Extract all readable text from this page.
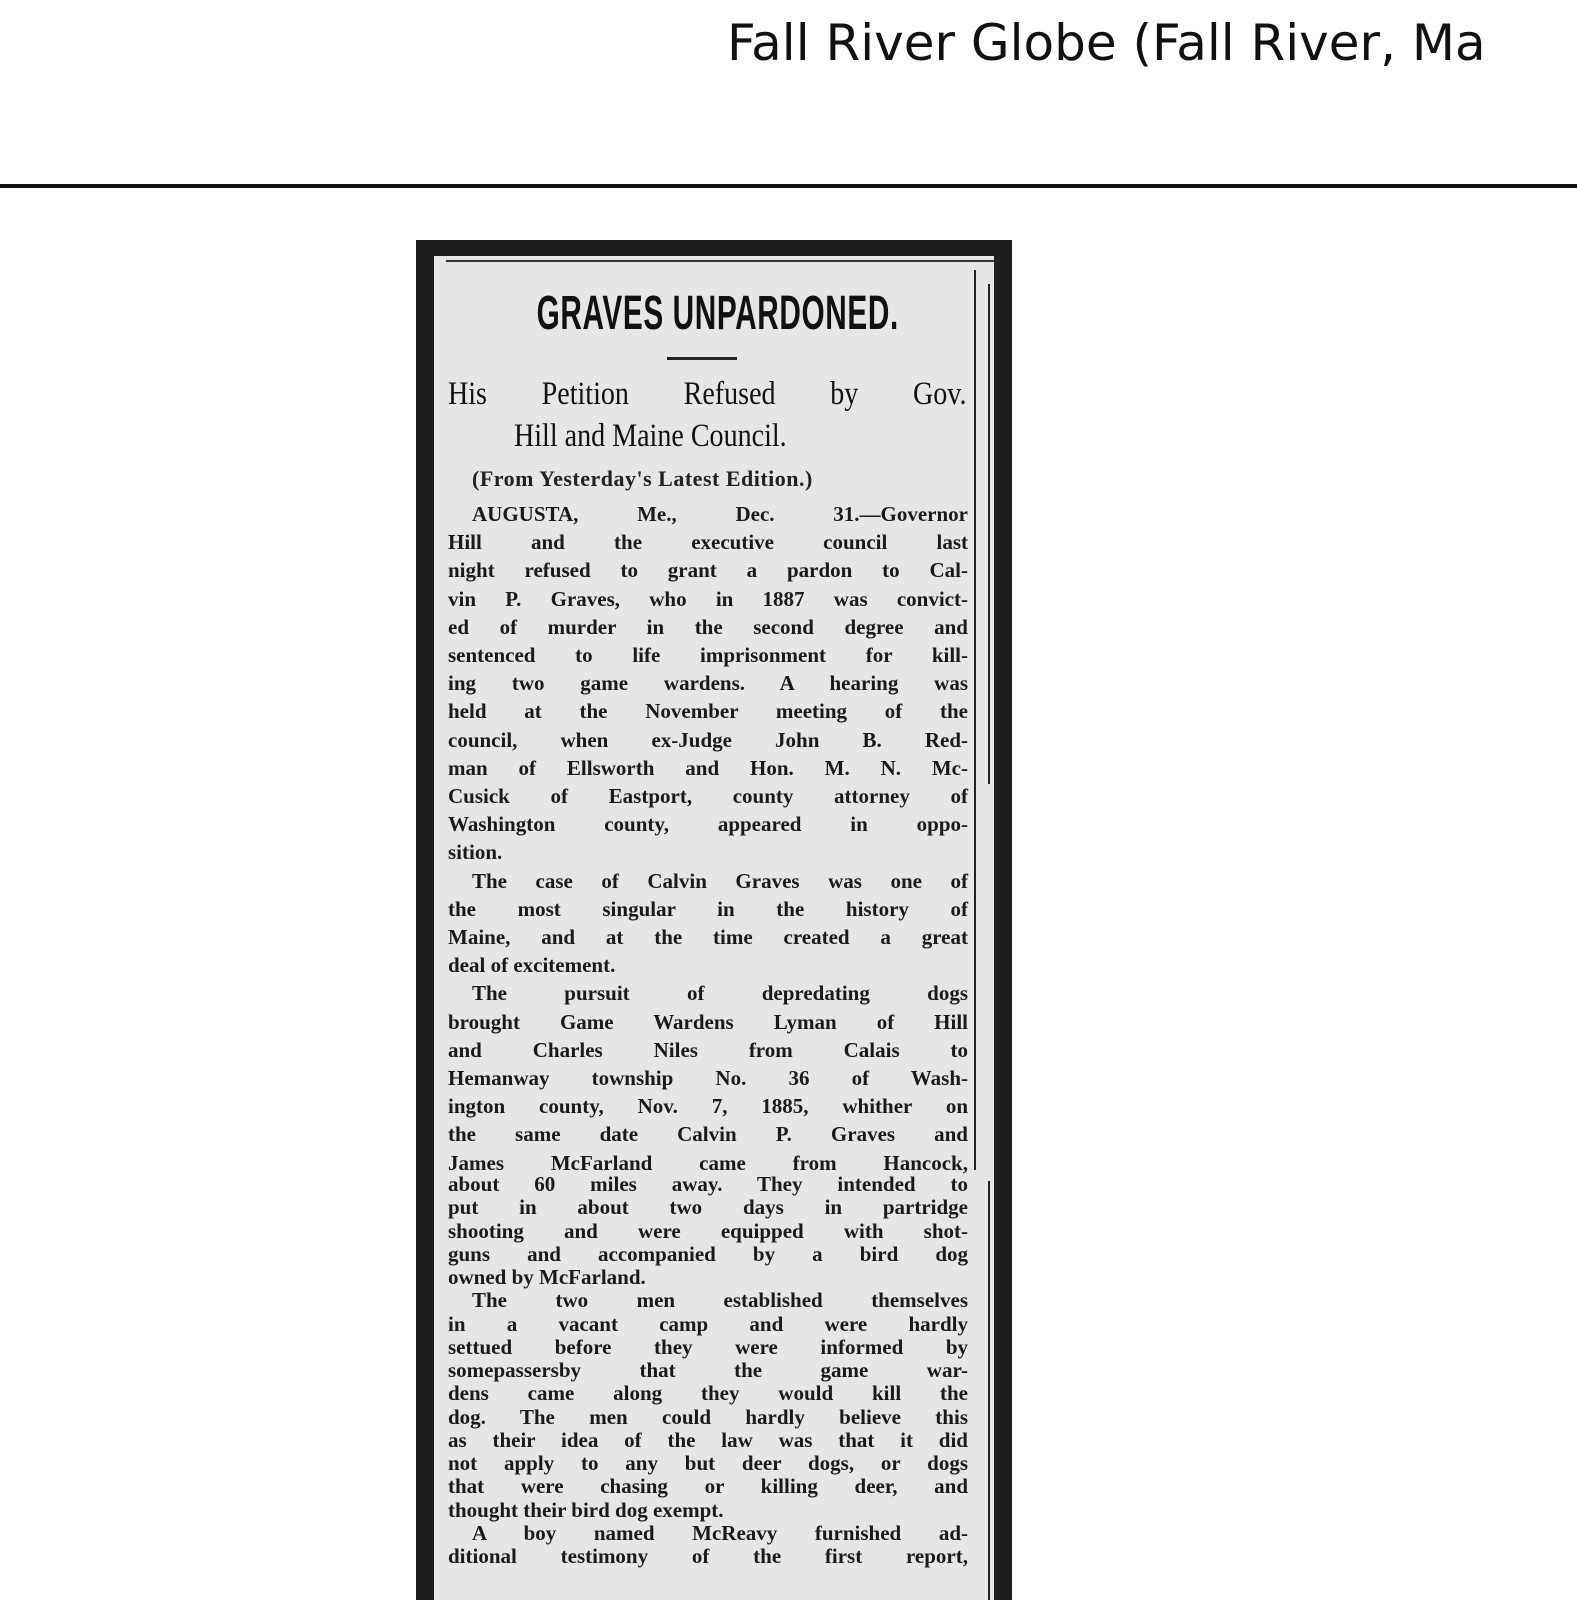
Fall River Globe (Fall River, Ma
GRAVES UNPARDONED.
His Petition Refused by Gov.
Hill and Maine Council.
(From Yesterday's Latest Edition.)
AUGUSTA, Me., Dec. 31.—Governor
Hill and the executive council last
night refused to grant a pardon to Cal-
vin P. Graves, who in 1887 was convict-
ed of murder in the second degree and
sentenced to life imprisonment for kill-
ing two game wardens. A hearing was
held at the November meeting of the
council, when ex-Judge John B. Red-
man of Ellsworth and Hon. M. N. Mc-
Cusick of Eastport, county attorney of
Washington county, appeared in oppo-
sition.
The case of Calvin Graves was one of
the most singular in the history of
Maine, and at the time created a great
deal of excitement.
The pursuit of depredating dogs
brought Game Wardens Lyman of Hill
and Charles Niles from Calais to
Hemanway township No. 36 of Wash-
ington county, Nov. 7, 1885, whither on
the same date Calvin P. Graves and
James McFarland came from Hancock,
about 60 miles away. They intended to
put in about two days in partridge
shooting and were equipped with shot-
guns and accompanied by a bird dog
owned by McFarland.
The two men established themselves
in a vacant camp and were hardly
settued before they were informed by
somepassersby that the game war-
dens came along they would kill the
dog. The men could hardly believe this
as their idea of the law was that it did
not apply to any but deer dogs, or dogs
that were chasing or killing deer, and
thought their bird dog exempt.
A boy named McReavy furnished ad-
ditional testimony of the first report,
